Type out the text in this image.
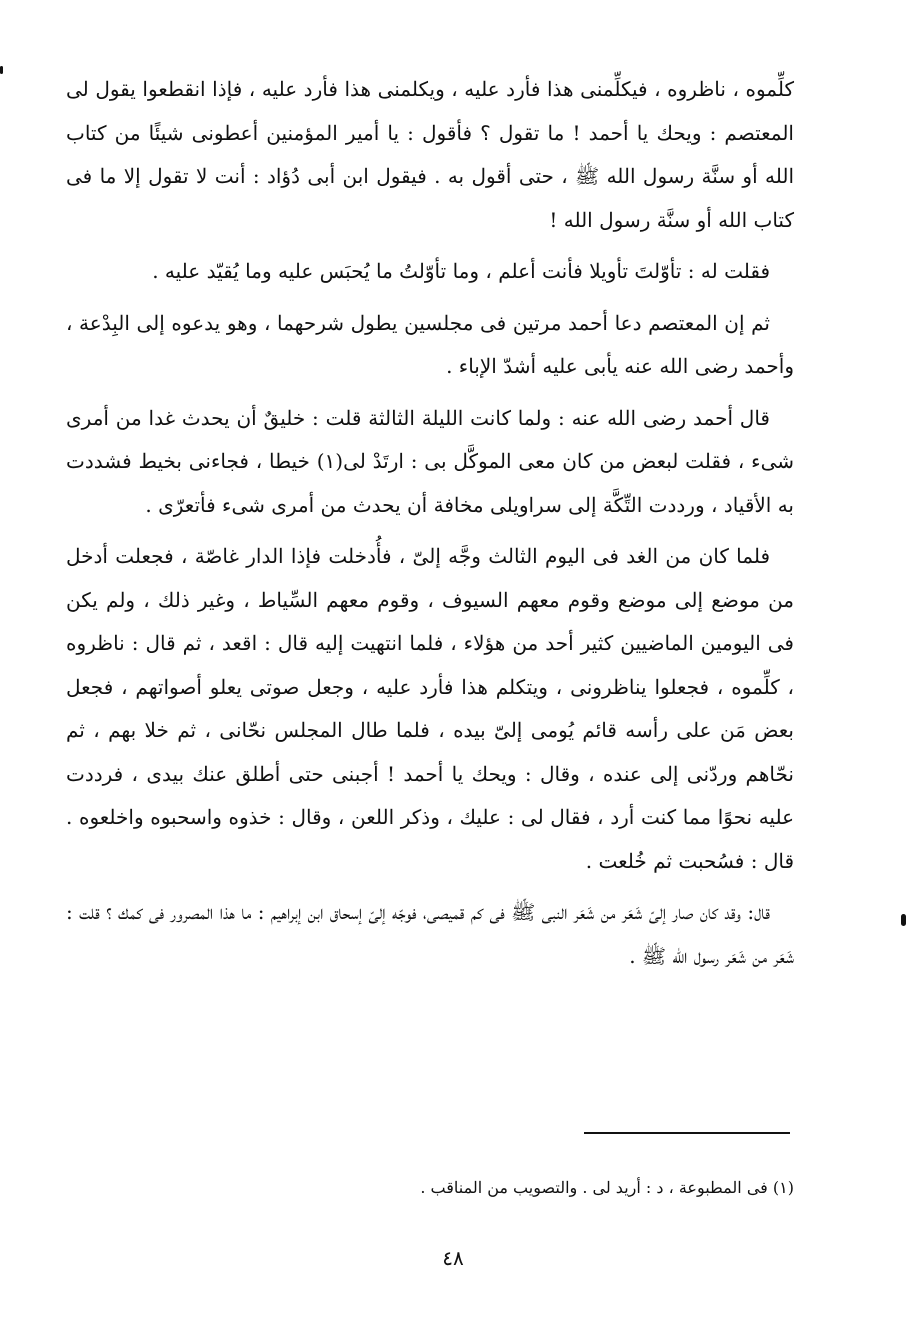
كلِّموه ، ناظروه ، فيكلِّمنى هذا فأرد عليه ، ويكلمنى هذا فأرد عليه ، فإذا انقطعوا يقول لى المعتصم : ويحك يا أحمد ! ما تقول ؟ فأقول : يا أمير المؤمنين أعطونى شيئًا من كتاب الله أو سنَّة رسول الله ﷺ ، حتى أقول به . فيقول ابن أبى دُؤاد : أنت لا تقول إلا ما فى كتاب الله أو سنَّة رسول الله !

فقلت له : تأوّلتَ تأويلا فأنت أعلم ، وما تأوّلتُ ما يُحبَس عليه وما يُقيّد عليه .

ثم إن المعتصم دعا أحمد مرتين فى مجلسين يطول شرحهما ، وهو يدعوه إلى البِدْعة ، وأحمد رضى الله عنه يأبى عليه أشدّ الإباء .

قال أحمد رضى الله عنه : ولما كانت الليلة الثالثة قلت : خليقٌ أن يحدث غدا من أمرى شىء ، فقلت لبعض من كان معى الموكَّل بى : ارتَدْ لى(١) خيطا ، فجاءنى بخيط فشددت به الأقياد ، ورددت التِّكَّة إلى سراويلى مخافة أن يحدث من أمرى شىء فأتعرّى .

فلما كان من الغد فى اليوم الثالث وجَّه إلىّ ، فأُدخلت فإذا الدار غاصّة ، فجعلت أدخل من موضع إلى موضع وقوم معهم السيوف ، وقوم معهم السِّياط ، وغير ذلك ، ولم يكن فى اليومين الماضيين كثير أحد من هؤلاء ، فلما انتهيت إليه قال : اقعد ، ثم قال : ناظروه ، كلِّموه ، فجعلوا يناظرونى ، ويتكلم هذا فأرد عليه ، وجعل صوتى يعلو أصواتهم ، فجعل بعض مَن على رأسه قائم يُومى إلىّ بيده ، فلما طال المجلس نحّانى ، ثم خلا بهم ، ثم نحّاهم وردّنى إلى عنده ، وقال : ويحك يا أحمد ! أجبنى حتى أطلق عنك بيدى ، فرددت عليه نحوًا مما كنت أرد ، فقال لى : عليك ، وذكر اللعن ، وقال : خذوه واسحبوه واخلعوه . قال : فسُحبت ثم خُلعت .

قال: وقد كان صار إلىّ شَعَر من شَعَر النبى ﷺ فى كم قميصى، فوجّه إلىّ إسحاق ابن إبراهيم : ما هذا المصرور فى كمك ؟ قلت : شَعَر من شَعَر رسول الله ﷺ .

(١) فى المطبوعة ، د : أريد لى . والتصويب من المناقب .
٤٨
